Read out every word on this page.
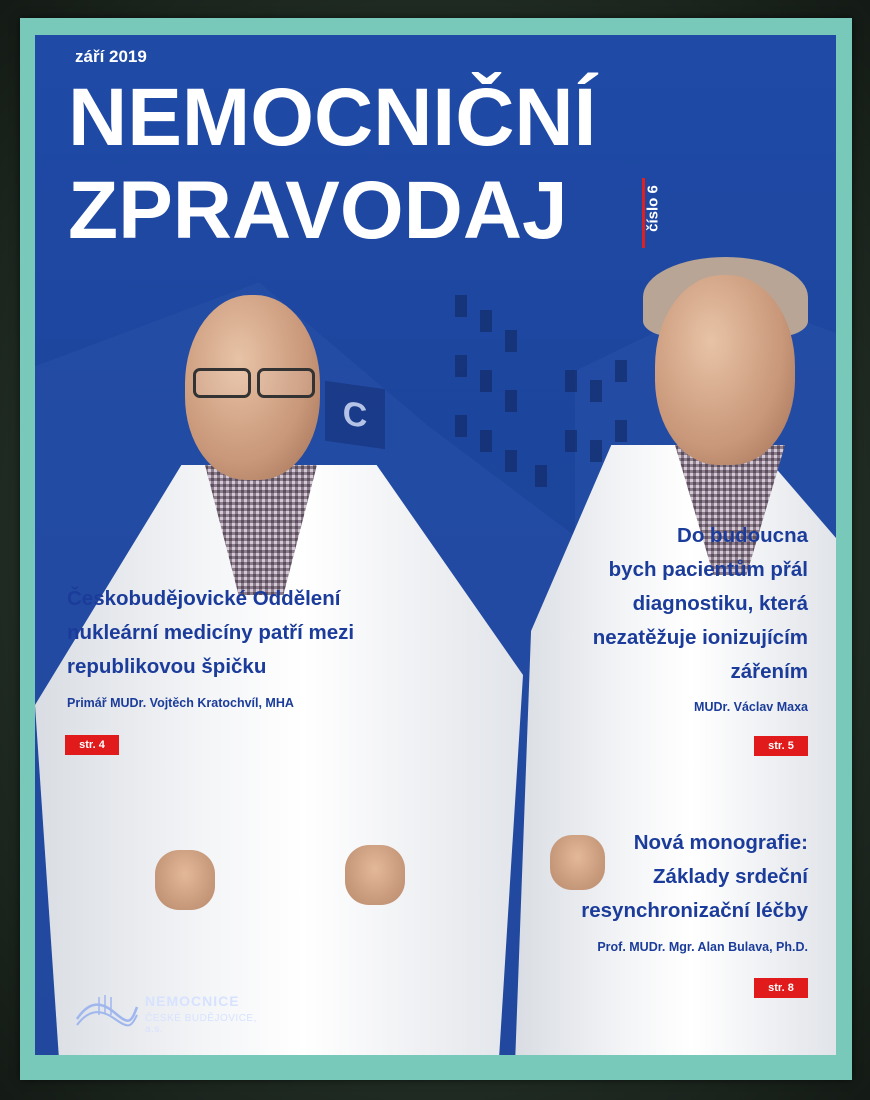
C
září 2019
NEMOCNIČNÍ
ZPRAVODAJ	číslo 6
Českobudějovické Oddělení
nukleární medicíny patří mezi
republikovou špičku
Primář MUDr. Vojtěch Kratochvíl, MHA
str. 4
Do budoucna
bych pacientům přál
diagnostiku, která
nezatěžuje ionizujícím
zářením
MUDr. Václav Maxa
str. 5
Nová monografie:
Základy srdeční
resynchronizační léčby
Prof. MUDr. Mgr. Alan Bulava, Ph.D.
str. 8
NEMOCNICE
ČESKÉ BUDĚJOVICE, a.s.
